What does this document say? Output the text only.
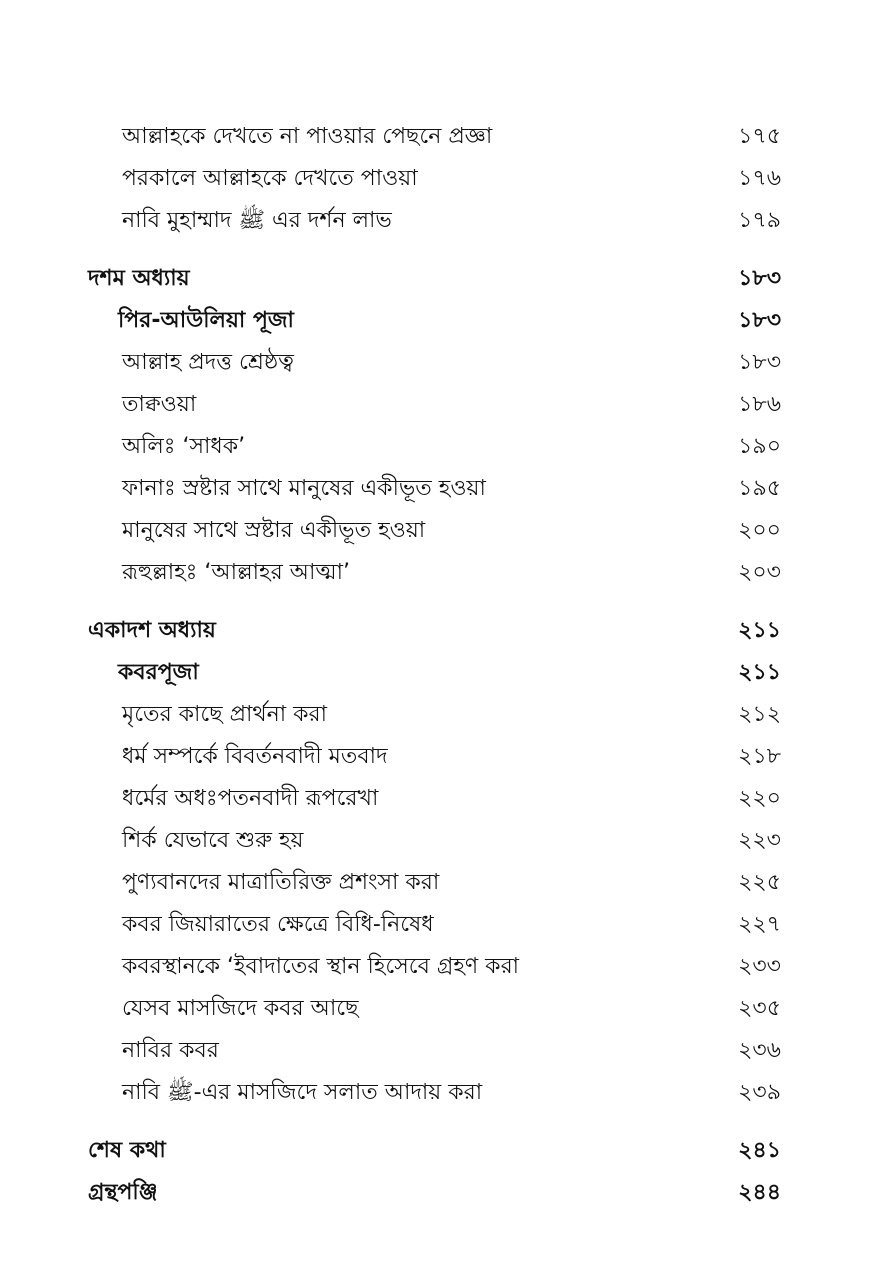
আল্লাহকে দেখতে না পাওয়ার পেছনে প্রজ্ঞা	১৭৫
পরকালে আল্লাহকে দেখতে পাওয়া	১৭৬
নাবি মুহাম্মাদ ﷺ এর দর্শন লাভ	১৭৯
দশম অধ্যায়	১৮৩
পির-আউলিয়া পূজা	১৮৩
আল্লাহ প্রদত্ত শ্রেষ্ঠত্ব	১৮৩
তাক্বওয়া	১৮৬
অলিঃ ‘সাধক’	১৯০
ফানাঃ স্রষ্টার সাথে মানুষের একীভূত হওয়া	১৯৫
মানুষের সাথে স্রষ্টার একীভূত হওয়া	২০০
রূহুল্লাহঃ ‘আল্লাহর আত্মা’	২০৩
একাদশ অধ্যায়	২১১
কবরপূজা	২১১
মৃতের কাছে প্রার্থনা করা	২১২
ধর্ম সম্পর্কে বিবর্তনবাদী মতবাদ	২১৮
ধর্মের অধঃপতনবাদী রূপরেখা	২২০
শির্ক যেভাবে শুরু হয়	২২৩
পুণ্যবানদের মাত্রাতিরিক্ত প্রশংসা করা	২২৫
কবর জিয়ারাতের ক্ষেত্রে বিধি-নিষেধ	২২৭
কবরস্থানকে ‘ইবাদাতের স্থান হিসেবে গ্রহণ করা	২৩৩
যেসব মাসজিদে কবর আছে	২৩৫
নাবির কবর	২৩৬
নাবি ﷺ-এর মাসজিদে সলাত আদায় করা	২৩৯
শেষ কথা	২৪১
গ্রন্থপঞ্জি	২৪৪
